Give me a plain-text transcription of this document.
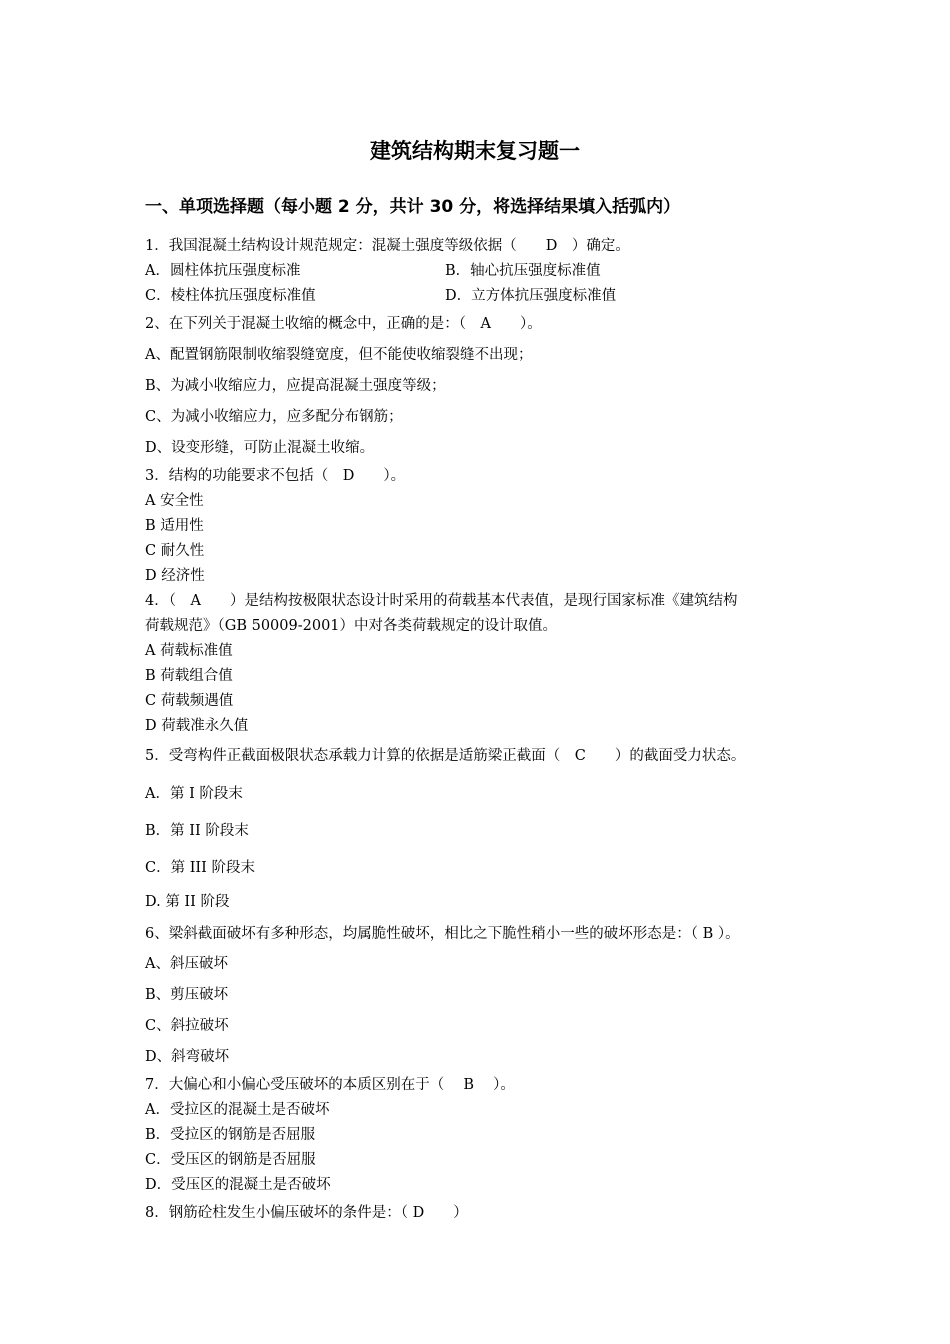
建筑结构期末复习题一
一、单项选择题（每小题 2 分，共计 30 分，将选择结果填入括弧内）
1．我国混凝土结构设计规范规定：混凝土强度等级依据（　　D　）确定。
A．圆柱体抗压强度标准	B．轴心抗压强度标准值
C．棱柱体抗压强度标准值	D．立方体抗压强度标准值
2、在下列关于混凝土收缩的概念中，正确的是：（　A　　）。
A、配置钢筋限制收缩裂缝宽度，但不能使收缩裂缝不出现；
B、为减小收缩应力，应提高混凝土强度等级；
C、为减小收缩应力，应多配分布钢筋；
D、设变形缝，可防止混凝土收缩。
3．结构的功能要求不包括（　D　　）。
A 安全性
B 适用性
C 耐久性
D 经济性
4．（　A　　）是结构按极限状态设计时采用的荷载基本代表值，是现行国家标准《建筑结构
荷载规范》（GB 50009-2001）中对各类荷载规定的设计取值。
A 荷载标准值
B 荷载组合值
C 荷载频遇值
D 荷载准永久值
5．受弯构件正截面极限状态承载力计算的依据是适筋梁正截面（　C　　）的截面受力状态。
A．第 I 阶段末
B．第 II 阶段末
C．第 III 阶段末
D. 第 II 阶段
6、梁斜截面破坏有多种形态，均属脆性破坏，相比之下脆性稍小一些的破坏形态是：（ B ）。
A、斜压破坏
B、剪压破坏
C、斜拉破坏
D、斜弯破坏
7．大偏心和小偏心受压破坏的本质区别在于（　 B　 ）。
A．受拉区的混凝土是否破坏
B．受拉区的钢筋是否屈服
C．受压区的钢筋是否屈服
D．受压区的混凝土是否破坏
8．钢筋砼柱发生小偏压破坏的条件是：（ D　　）
